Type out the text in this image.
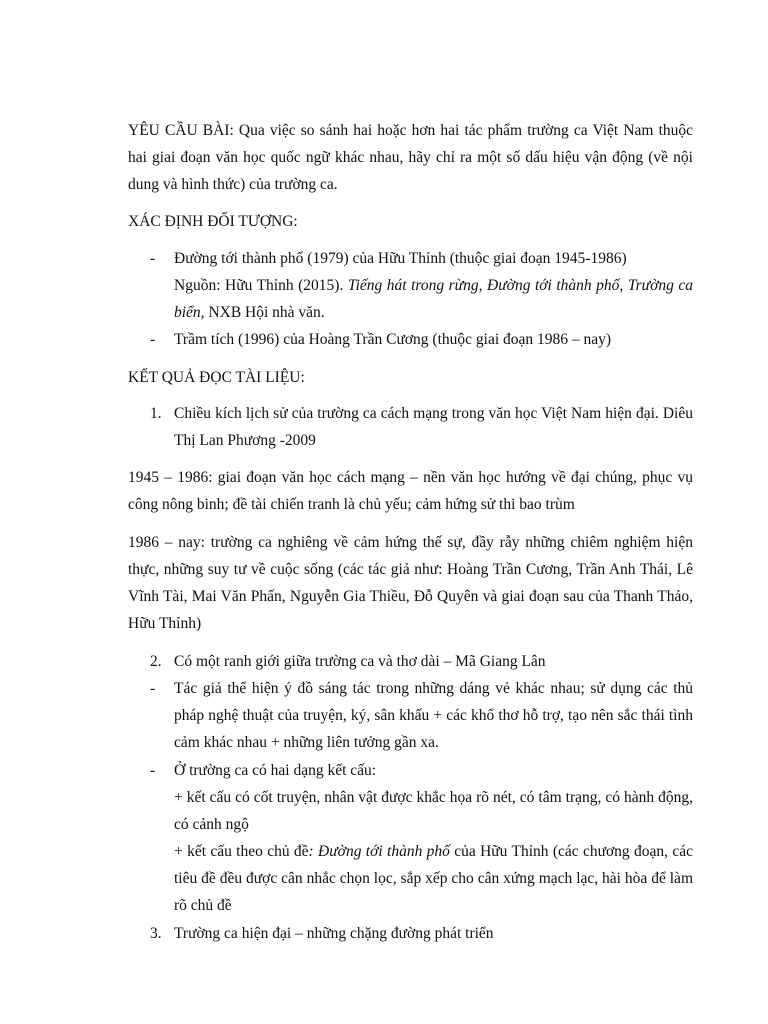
YÊU CẦU BÀI: Qua việc so sánh hai hoặc hơn hai tác phẩm trường ca Việt Nam thuộc hai giai đoạn văn học quốc ngữ khác nhau, hãy chỉ ra một số dấu hiệu vận động (về nội dung và hình thức) của trường ca.

XÁC ĐỊNH ĐỐI TƯỢNG:

- Đường tới thành phố (1979) của Hữu Thỉnh (thuộc giai đoạn 1945-1986)
Nguồn: Hữu Thỉnh (2015). Tiếng hát trong rừng, Đường tới thành phố, Trường ca biển, NXB Hội nhà văn.
- Trầm tích (1996) của Hoàng Trần Cương (thuộc giai đoạn 1986 – nay)

KẾT QUẢ ĐỌC TÀI LIỆU:

1. Chiều kích lịch sử của trường ca cách mạng trong văn học Việt Nam hiện đại. Diêu Thị Lan Phương -2009

1945 – 1986: giai đoạn văn học cách mạng – nền văn học hướng về đại chúng, phục vụ công nông binh; đề tài chiến tranh là chủ yếu; cảm hứng sử thi bao trùm

1986 – nay: trường ca nghiêng về cảm hứng thế sự, đầy rẫy những chiêm nghiệm hiện thực, những suy tư về cuộc sống (các tác giả như: Hoàng Trần Cương, Trần Anh Thái, Lê Vĩnh Tài, Mai Văn Phấn, Nguyễn Gia Thiều, Đỗ Quyên và giai đoạn sau của Thanh Thảo, Hữu Thỉnh)

2. Có một ranh giới giữa trường ca và thơ dài – Mã Giang Lân
- Tác giả thể hiện ý đồ sáng tác trong những dáng vẻ khác nhau; sử dụng các thủ pháp nghệ thuật của truyện, ký, sân khấu + các khổ thơ hỗ trợ, tạo nên sắc thái tình cảm khác nhau + những liên tưởng gần xa.
- Ở trường ca có hai dạng kết cấu:
+ kết cấu có cốt truyện, nhân vật được khắc họa rõ nét, có tâm trạng, có hành động, có cảnh ngộ
+ kết cấu theo chủ đề: Đường tới thành phố của Hữu Thỉnh (các chương đoạn, các tiêu đề đều được cân nhắc chọn lọc, sắp xếp cho cân xứng mạch lạc, hài hòa để làm rõ chủ đề
3. Trường ca hiện đại – những chặng đường phát triển
